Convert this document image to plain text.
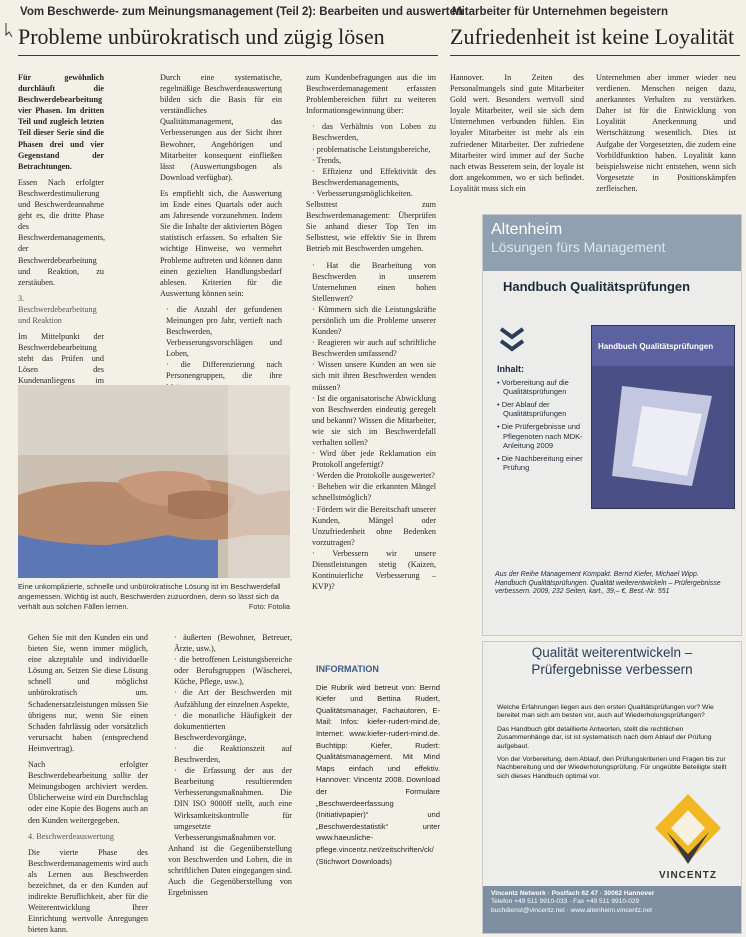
Vom Beschwerde- zum Meinungsmanagement (Teil 2): Bearbeiten und auswerten
Probleme unbürokratisch und zügig lösen
Mitarbeiter für Unternehmen begeistern
Zufriedenheit ist keine Loyalität

Für gewöhnlich durchläuft die Beschwerdebearbeitung vier Phasen. Im dritten Teil und zugleich letzten Teil dieser Serie sind die Phasen drei und vier Gegenstand der Betrachtungen.

Essen Nach erfolgter Beschwerdestimulierung und Beschwerdeannahme geht es, die dritte Phase des Beschwerdemanagements, der Beschwerdebearbeitung und Reaktion, zu zerstäuben.

3. Beschwerdebearbeitung und Reaktion

Im Mittelpunkt der Beschwerdebearbeitung steht das Prüfen und Lösen des Kundenanliegens im

Durch eine systematische, regelmäßige Beschwerdeauswertung bilden sich die Basis für ein verständliches Qualitätsmanagement, das Verbesserungen aus der Sicht ihrer Bewohner, Angehörigen und Mitarbeiter konsequent einfließen lässt (Auswertungsbogen als Download verfügbar).

Es empfiehlt sich, die Auswertung im Ende eines Quartals oder auch am Jahresende vorzunehmen. Indem Sie die Inhalte der aktivierten Bögen statistisch erfassen. So erhalten Sie wichtige Hinweise, wo vermehrt Probleme auftreten und können dann einen gezielten Handlungsbedarf ablesen. Kriterien für die Auswertung können sein:

· die Anzahl der gefundenen Meinungen pro Jahr, vertieft nach Beschwerden, Verbesserungsvorschlägen und Loben,
· die Differenzierung nach Personengruppen, die ihre

zum Kundenbefragungen aus die im Beschwerdemanagement erfassten Problembereichen führt zu weiteren Informationsgewinnung über:

· das Verhältnis von Loben zu Beschwerden,
· problematische Leistungsbereiche,
· Trends,
· Effizienz und Effektivität des Beschwerdemanagements,
· Verbesserungsmöglichkeiten.

Selbsttest zum Beschwerdemanagement: Überprüfen Sie anhand dieser Top Ten im Selbsttest, wie effektiv Sie in Ihrem Betrieb mit Beschwerden umgehen.

· Hat die Bearbeitung von Beschwerden in unserem Unternehmen einen hohen Stellenwert?
· Kümmern sich die Leistungskräfte persönlich um die Probleme unserer Kunden?
· Reagieren wir auch auf schriftliche Beschwerden umfassend?
· Wissen unsere Kunden an wen sie sich mit ihren Beschwerden wenden müssen?
· Ist die organisatorische Abwicklung von Beschwerden eindeutig geregelt und bekannt? Wissen die Mitarbeiter, wie sie sich im Beschwerdefall verhalten sollen?
· Wird über jede Reklamation ein Protokoll angefertigt?
· Werden die Protokolle ausgewertet?
· Beheben wir die erkannten Mängel schnellstmöglich?
· Fördern wir die Bereitschaft unserer Kunden, Mängel oder Unzufriedenheit ohne Bedenken vorzutragen?
· Verbessern wir unsere Dienstleistungen stetig (Kaizen, Kontinuierliche Verbesserung – KVP)?
Eine unkomplizierte, schnelle und unbürokratische Lösung ist im Beschwerdefall angemessen. Wichtig ist auch, Beschwerden zuzuordnen, denn so lässt sich da verhält aus solchen Fällen lernen.	Foto: Fotolia

Gehen Sie mit den Kunden ein und bieten Sie, wenn immer möglich, eine akzeptable und individuelle Lösung an. Setzen Sie diese Lösung schnell und möglichst unbürokratisch um. Schadenersatzleistungen müssen Sie übrigens nur, wenn Sie einen Schaden fahrlässig oder vorsätzlich verursacht haben (entsprechend Heimvertrag).

Nach erfolgter Beschwerdebearbeitung sollte der Meinungsbogen archiviert werden. Üblicherweise wird ein Durchschlag oder eine Kopie des Bogens auch an den Kunden weitergegeben.

4. Beschwerdeauswertung

Die vierte Phase des Beschwerdemanagements wird auch als Lernen aus Beschwerden bezeichnet, da er den Kunden auf indirekte Beruflichkeit, aber für die Weiterentwicklung Ihrer Einrichtung wertvolle Anregungen bieten kann.

· äußerten (Bewohner, Betreuer, Ärzte, usw.),
· die betroffenen Leistungsbereiche oder Berufsgruppen (Wäscherei, Küche, Pflege, usw.),
· die Art der Beschwerden mit Aufzählung der einzelnen Aspekte,
· die monatliche Häufigkeit der dokumentierten Beschwerdevorgänge,
· die Reaktionszeit auf Beschwerden,
· die Erfassung der aus der Bearbeitung resultierenden Verbesserungsmaßnahmen. Die DIN ISO 9000ff stellt, auch eine Wirksamkeitskontrolle für umgesetzte Verbesserungsmaßnahmen vor.

Anhand ist die Gegenüberstellung von Beschwerden und Loben, die in schriftlichen Daten eingegangen sind. Auch die Gegenüberstellung von Ergebnissen

INFORMATION
Die Rubrik wird betreut von: Bernd Kiefer und Bettina Rudert, Qualitätsmanager, Fachautoren, E-Mail: Infos: kiefer-rudert-mind.de, Internet: www.kiefer-rudert-mind.de. Buchtipp: Kiefer, Rudert: Qualitätsmanagement. Mit Mind Maps einfach und effektiv. Hannover: Vincentz 2008. Download der Formulare „Beschwerdeerfassung (Initiativpapier)“ und „Beschwerdestatistik“ unter www.haeusliche-pflege.vincentz.net/zeitschriften/ck/ (Stichwort Downloads)

Hannover. In Zeiten des Personalmangels sind gute Mitarbeiter Gold wert. Besonders wertvoll sind loyale Mitarbeiter, weil sie sich dem Unternehmen verbunden fühlen. Ein loyaler Mitarbeiter ist mehr als ein zufriedener Mitarbeiter. Der zufriedene Mitarbeiter wird immer auf der Suche nach etwas Besserem sein, der loyale ist dort angekommen, wo er sich befindet. Loyalität muss sich ein

Unternehmen aber immer wieder neu verdienen. Menschen neigen dazu, anerkanntes Verhalten zu verstärken. Daher ist für die Entwicklung von Loyalität Anerkennung und Wertschätzung wesentlich. Dies ist Aufgabe der Vorgesetzten, die zudem eine Vorbildfunktion haben. Loyalität kann beispielsweise nicht entstehen, wenn sich Vorgesetzte in Positionskämpfen zerfleischen.

Altenheim
Lösungen fürs Management
Handbuch Qualitätsprüfungen
Inhalt:
• Vorbereitung auf die Qualitätsprüfungen
• Der Ablauf der Qualitätsprüfungen
• Die Prüfergebnisse und Pflegenoten nach MDK-Anleitung 2009
• Die Nachbereitung einer Prüfung
Handbuch Qualitätsprüfungen
Aus der Reihe Management Kompakt. Bernd Kiefer, Michael Wipp. Handbuch Qualitätsprüfungen. Qualität weiterentwickeln – Prüfergebnisse verbessern. 2009, 232 Seiten, kart., 39,– €, Best.-Nr. 551
Qualität weiterentwickeln –
Prüfergebnisse verbessern

Welche Erfahrungen liegen aus den ersten Qualitätsprüfungen vor? Wie bereitet man sich am besten vor, auch auf Wiederholungsprüfungen?

Das Handbuch gibt detaillierte Antworten, stellt die rechtlichen Zusammenhänge dar, ist ist systematisch nach dem Ablauf der Prüfung aufgebaut.

Von der Vorbereitung, dem Ablauf, den Prüfungskriterien und Fragen bis zur Nachbereitung und der Wiederholungsprüfung. Für ungeübte Beteiligte stellt sich dieses Handbuch optimal vor.

VINCENTZ
Vincentz Network · Postfach 62 47 · 30062 Hannover
Telefon +49 511 9910-033 · Fax +49 511 9910-029
buchdienst@vincentz.net · www.altenheim.vincentz.net
